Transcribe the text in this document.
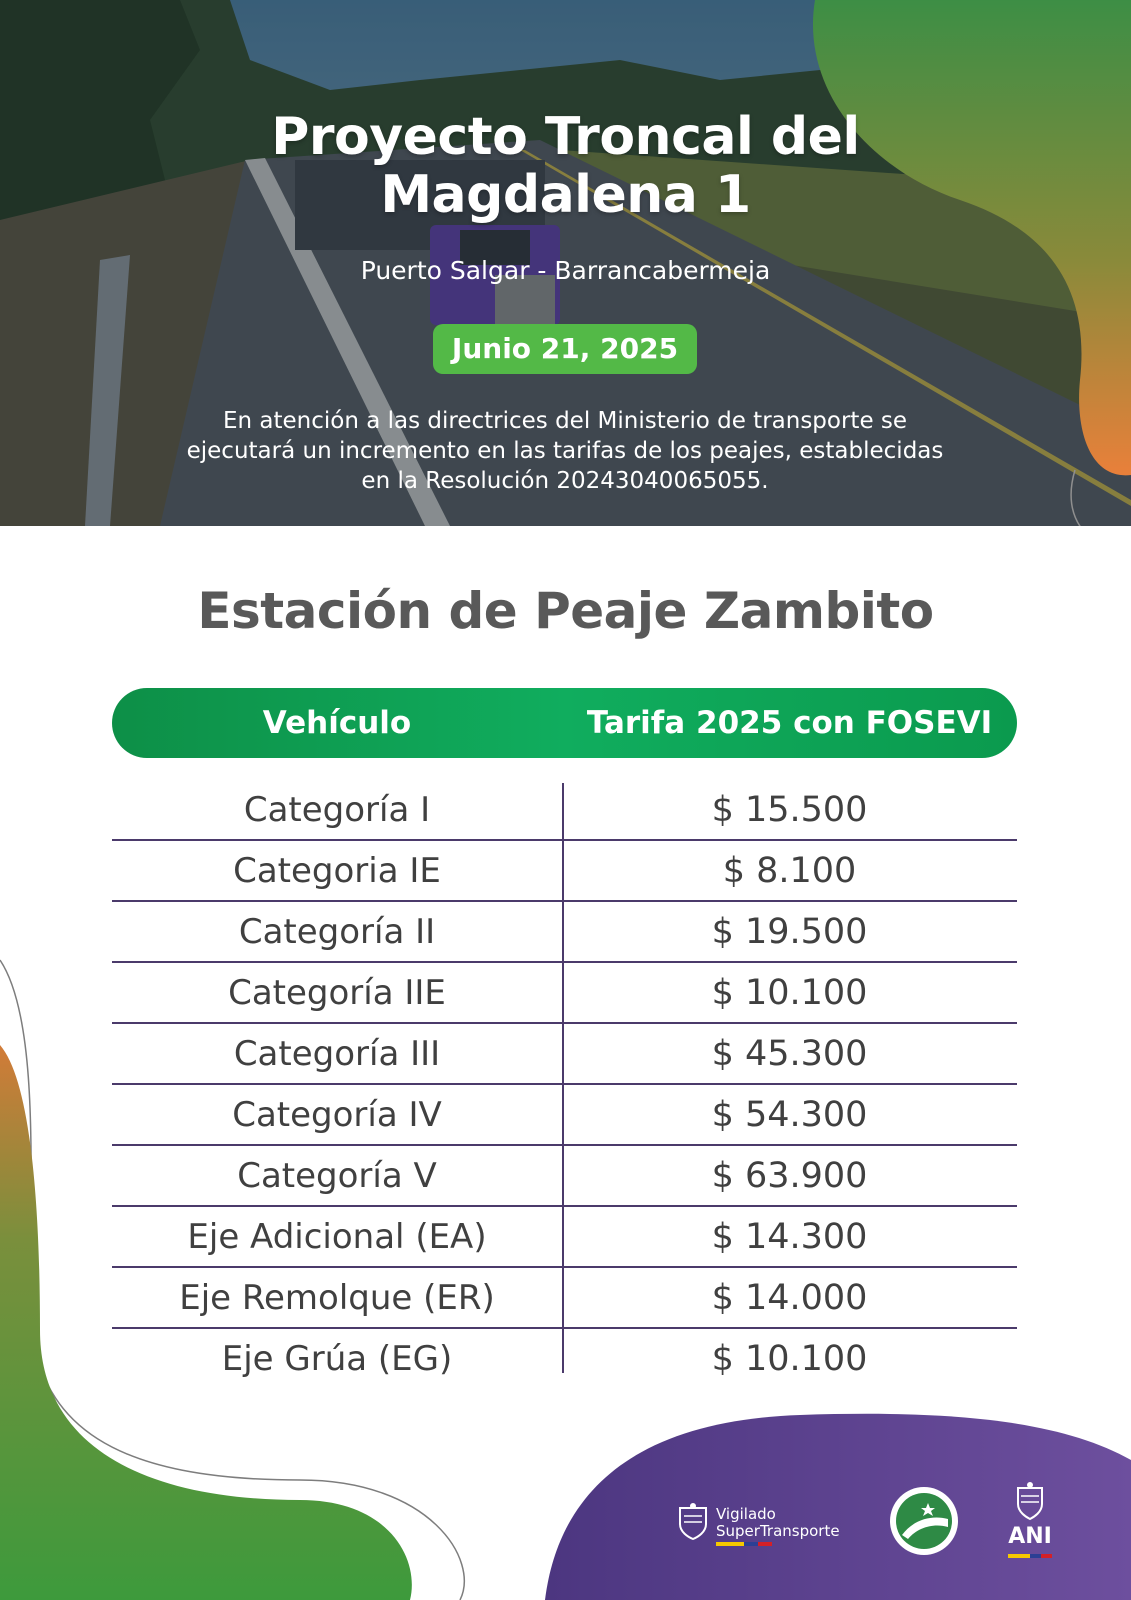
Proyecto Troncal del
Magdalena 1
Puerto Salgar - Barrancabermeja
Junio 21, 2025
En atención a las directrices del Ministerio de transporte se
ejecutará un incremento en las tarifas de los peajes, establecidas
en la Resolución 20243040065055.
Estación de Peaje Zambito
Vehículo	Tarifa 2025 con FOSEVI
Categoría I	$ 15.500
Categoria IE	$ 8.100
Categoría II	$ 19.500
Categoría IIE	$ 10.100
Categoría III	$ 45.300
Categoría IV	$ 54.300
Categoría V	$ 63.900
Eje Adicional (EA)	$ 14.300
Eje Remolque (ER)	$ 14.000
Eje Grúa (EG)	$ 10.100
Vigilado
SuperTransporte	ANI
